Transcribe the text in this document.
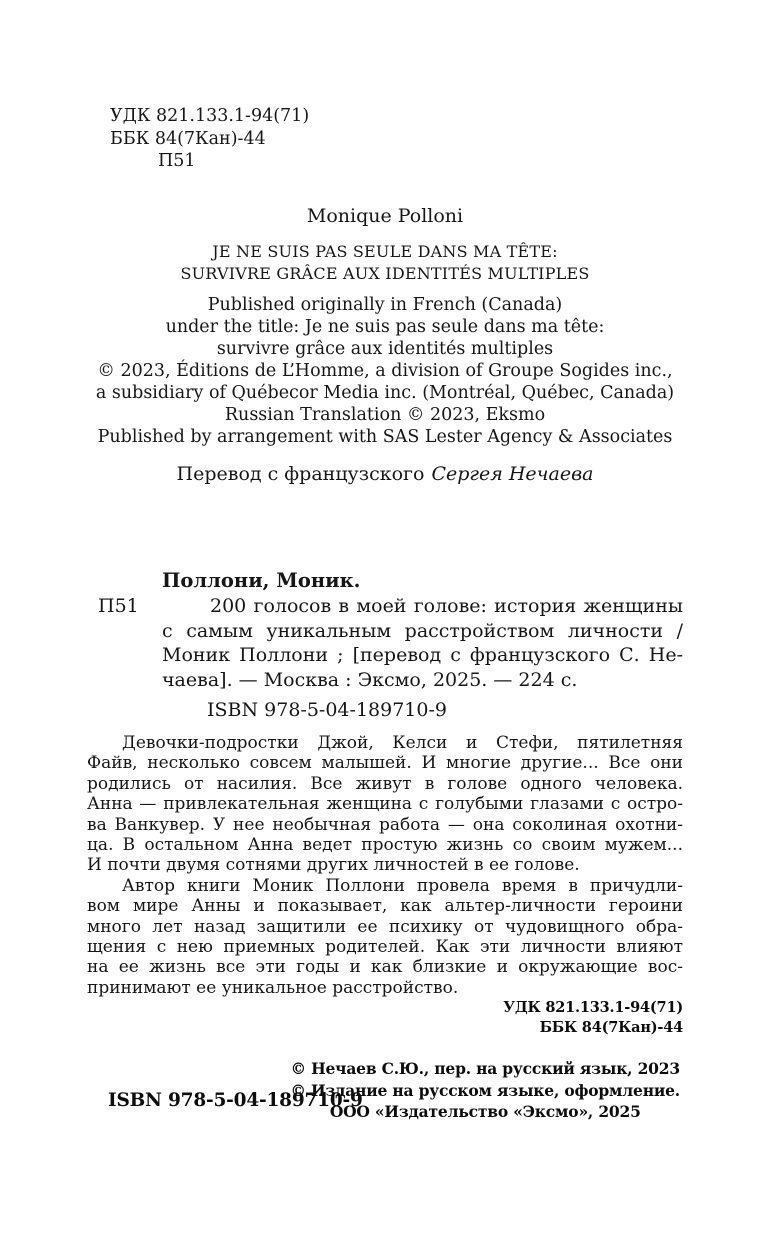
УДК 821.133.1-94(71)
ББК 84(7Кан)-44
П51
Monique Polloni
JE NE SUIS PAS SEULE DANS MA TÊTE:
SURVIVRE GRÂCE AUX IDENTITÉS MULTIPLES
Published originally in French (Canada)
under the title: Je ne suis pas seule dans ma tête:
survivre grâce aux identités multiples
© 2023, Éditions de L’Homme, a division of Groupe Sogides inc.,
a subsidiary of Québecor Media inc. (Montréal, Québec, Canada)
Russian Translation © 2023, Eksmo
Published by arrangement with SAS Lester Agency & Associates
Перевод с французского Сергея Нечаева
Поллони, Моник.
П51	200 голосов в моей голове: история женщины
с самым уникальным расстройством личности /
Моник Поллони ; [перевод с французского С. Не-
чаева]. — Москва : Эксмо, 2025. — 224 с.
ISBN 978-5-04-189710-9
Девочки-подростки Джой, Келси и Стефи, пятилетняя
Файв, несколько совсем малышей. И многие другие... Все они
родились от насилия. Все живут в голове одного человека.
Анна — привлекательная женщина с голубыми глазами с остро-
ва Ванкувер. У нее необычная работа — она соколиная охотни-
ца. В остальном Анна ведет простую жизнь со своим мужем...
И почти двумя сотнями других личностей в ее голове.
Автор книги Моник Поллони провела время в причудли-
вом мире Анны и показывает, как альтер-личности героини
много лет назад защитили ее психику от чудовищного обра-
щения с нею приемных родителей. Как эти личности влияют
на ее жизнь все эти годы и как близкие и окружающие вос-
принимают ее уникальное расстройство.
УДК 821.133.1-94(71)
ББК 84(7Кан)-44
© Нечаев С.Ю., пер. на русский язык, 2023
© Издание на русском языке, оформление.
ООО «Издательство «Эксмо», 2025
ISBN 978-5-04-189710-9
